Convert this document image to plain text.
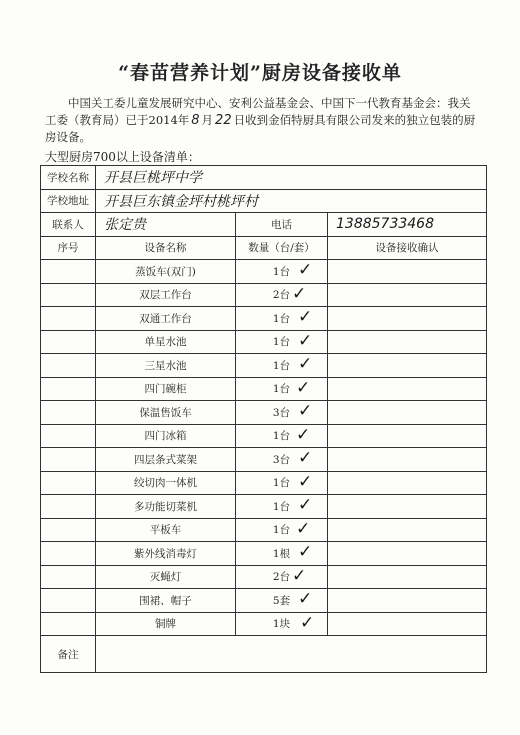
“春苗营养计划”厨房设备接收单
中国关工委儿童发展研究中心、安利公益基金会、中国下一代教育基金会：我关工委（教育局）已于2014年 8 月 22 日收到金佰特厨具有限公司发来的独立包装的厨房设备。
大型厨房700以上设备清单：
学校名称	开县巨桃坪中学		
学校地址	开县巨东镇金坪村桃坪村		
联系人	张定贵	电话	13885733468
序号	设备名称	数量（台/套）	设备接收确认
	蒸饭车(双门)	1台 ✓	

	双层工作台	2台 ✓	

	双通工作台	1台 ✓	

	单星水池	1台 ✓	

	三星水池	1台 ✓	

	四门碗柜	1台 ✓	

	保温售饭车	3台 ✓	

	四门冰箱	1台 ✓	

	四层条式菜架	3台 ✓	

	绞切肉一体机	1台 ✓	

	多功能切菜机	1台 ✓	

	平板车	1台 ✓	

	紫外线消毒灯	1根 ✓	

	灭蝇灯	2台 ✓	

	围裙、帽子	5套 ✓	

	铜牌	1块 ✓	

备注			
